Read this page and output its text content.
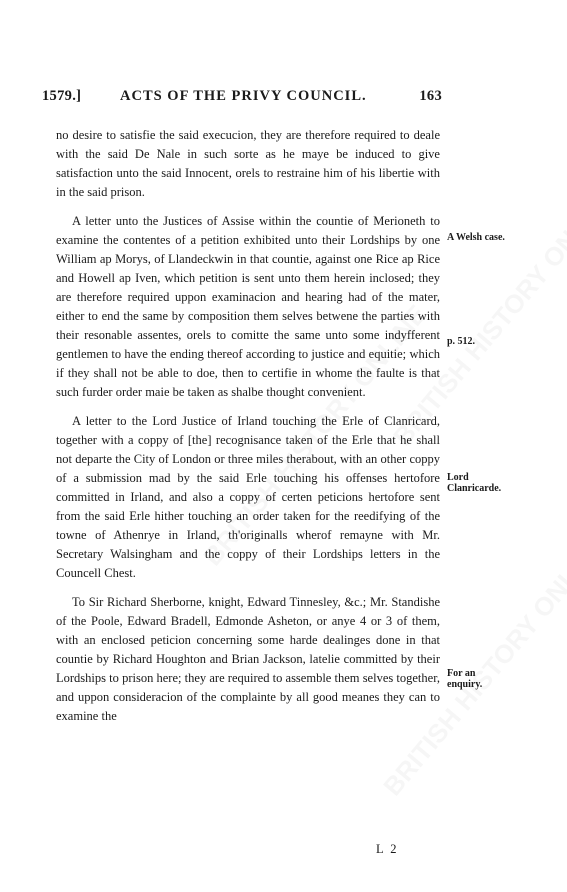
1579.]	ACTS OF THE PRIVY COUNCIL.	163

no desire to satisfie the said execucion, they are therefore required to deale with the said De Nale in such sorte as he maye be induced to give satisfaction unto the said Innocent, orels to restraine him of his libertie with in the said prison.

A letter unto the Justices of Assise within the countie of Merioneth to examine the contentes of a petition exhibited unto their Lordships by one William ap Morys, of Llandeckwin in that countie, against one Rice ap Rice and Howell ap Iven, which petition is sent unto them herein inclosed; they are therefore required uppon examinacion and hearing had of the mater, either to end the same by composition them selves betwene the parties with their resonable assentes, orels to comitte the same unto some indyfferent gentlemen to have the ending thereof according to justice and equitie; which if they shall not be able to doe, then to certifie in whome the faulte is that such furder order maie be taken as shalbe thought convenient.

A letter to the Lord Justice of Irland touching the Erle of Clanricard, together with a coppy of [the] recognisance taken of the Erle that he shall not departe the City of London or three miles therabout, with an other coppy of a submission mad by the said Erle touching his offenses hertofore committed in Irland, and also a coppy of certen peticions hertofore sent from the said Erle hither touching an order taken for the reedifying of the towne of Athenrye in Irland, th'originalls wherof remayne with Mr. Secretary Walsingham and the coppy of their Lordships letters in the Councell Chest.

To Sir Richard Sherborne, knight, Edward Tinnesley, &c.; Mr. Standishe of the Poole, Edward Bradell, Edmonde Asheton, or anye 4 or 3 of them, with an enclosed peticion concerning some harde dealinges done in that countie by Richard Houghton and Brian Jackson, latelie committed by their Lordships to prison here; they are required to assemble them selves together, and uppon consideracion of the complainte by all good meanes they can to examine the

A Welsh case.
p. 512.
Lord Clanricarde.
For an enquiry.
L 2
